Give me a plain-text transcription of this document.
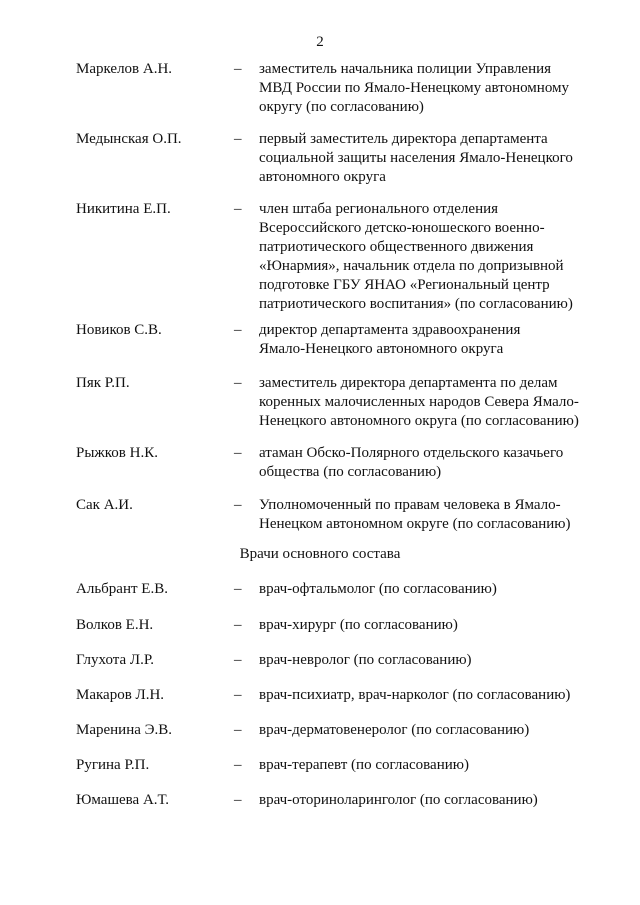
2
Маркелов А.Н.	– заместитель начальника полиции Управления
МВД России по Ямало-Ненецкому автономному
округу (по согласованию)
Медынская О.П.	– первый заместитель директора департамента
социальной защиты населения Ямало-Ненецкого
автономного округа
Никитина Е.П.	– член штаба регионального отделения
Всероссийского детско-юношеского военно-
патриотического общественного движения
«Юнармия», начальник отдела по допризывной
подготовке ГБУ ЯНАО «Региональный центр
патриотического воспитания» (по согласованию)
Новиков С.В.	– директор департамента здравоохранения
Ямало-Ненецкого автономного округа
Пяк Р.П.	– заместитель директора департамента по делам
коренных малочисленных народов Севера Ямало-
Ненецкого автономного округа (по согласованию)
Рыжков Н.К.	– атаман Обско-Полярного отдельского казачьего
общества (по согласованию)
Сак А.И.	– Уполномоченный по правам человека в Ямало-
Ненецком автономном округе (по согласованию)
Врачи основного состава
Альбрант Е.В.	– врач-офтальмолог (по согласованию)
Волков Е.Н.	– врач-хирург (по согласованию)
Глухота Л.Р.	– врач-невролог (по согласованию)
Макаров Л.Н.	– врач-психиатр, врач-нарколог (по согласованию)
Маренина Э.В.	– врач-дерматовенеролог (по согласованию)
Ругина Р.П.	– врач-терапевт (по согласованию)
Юмашева А.Т.	– врач-оториноларинголог (по согласованию)
